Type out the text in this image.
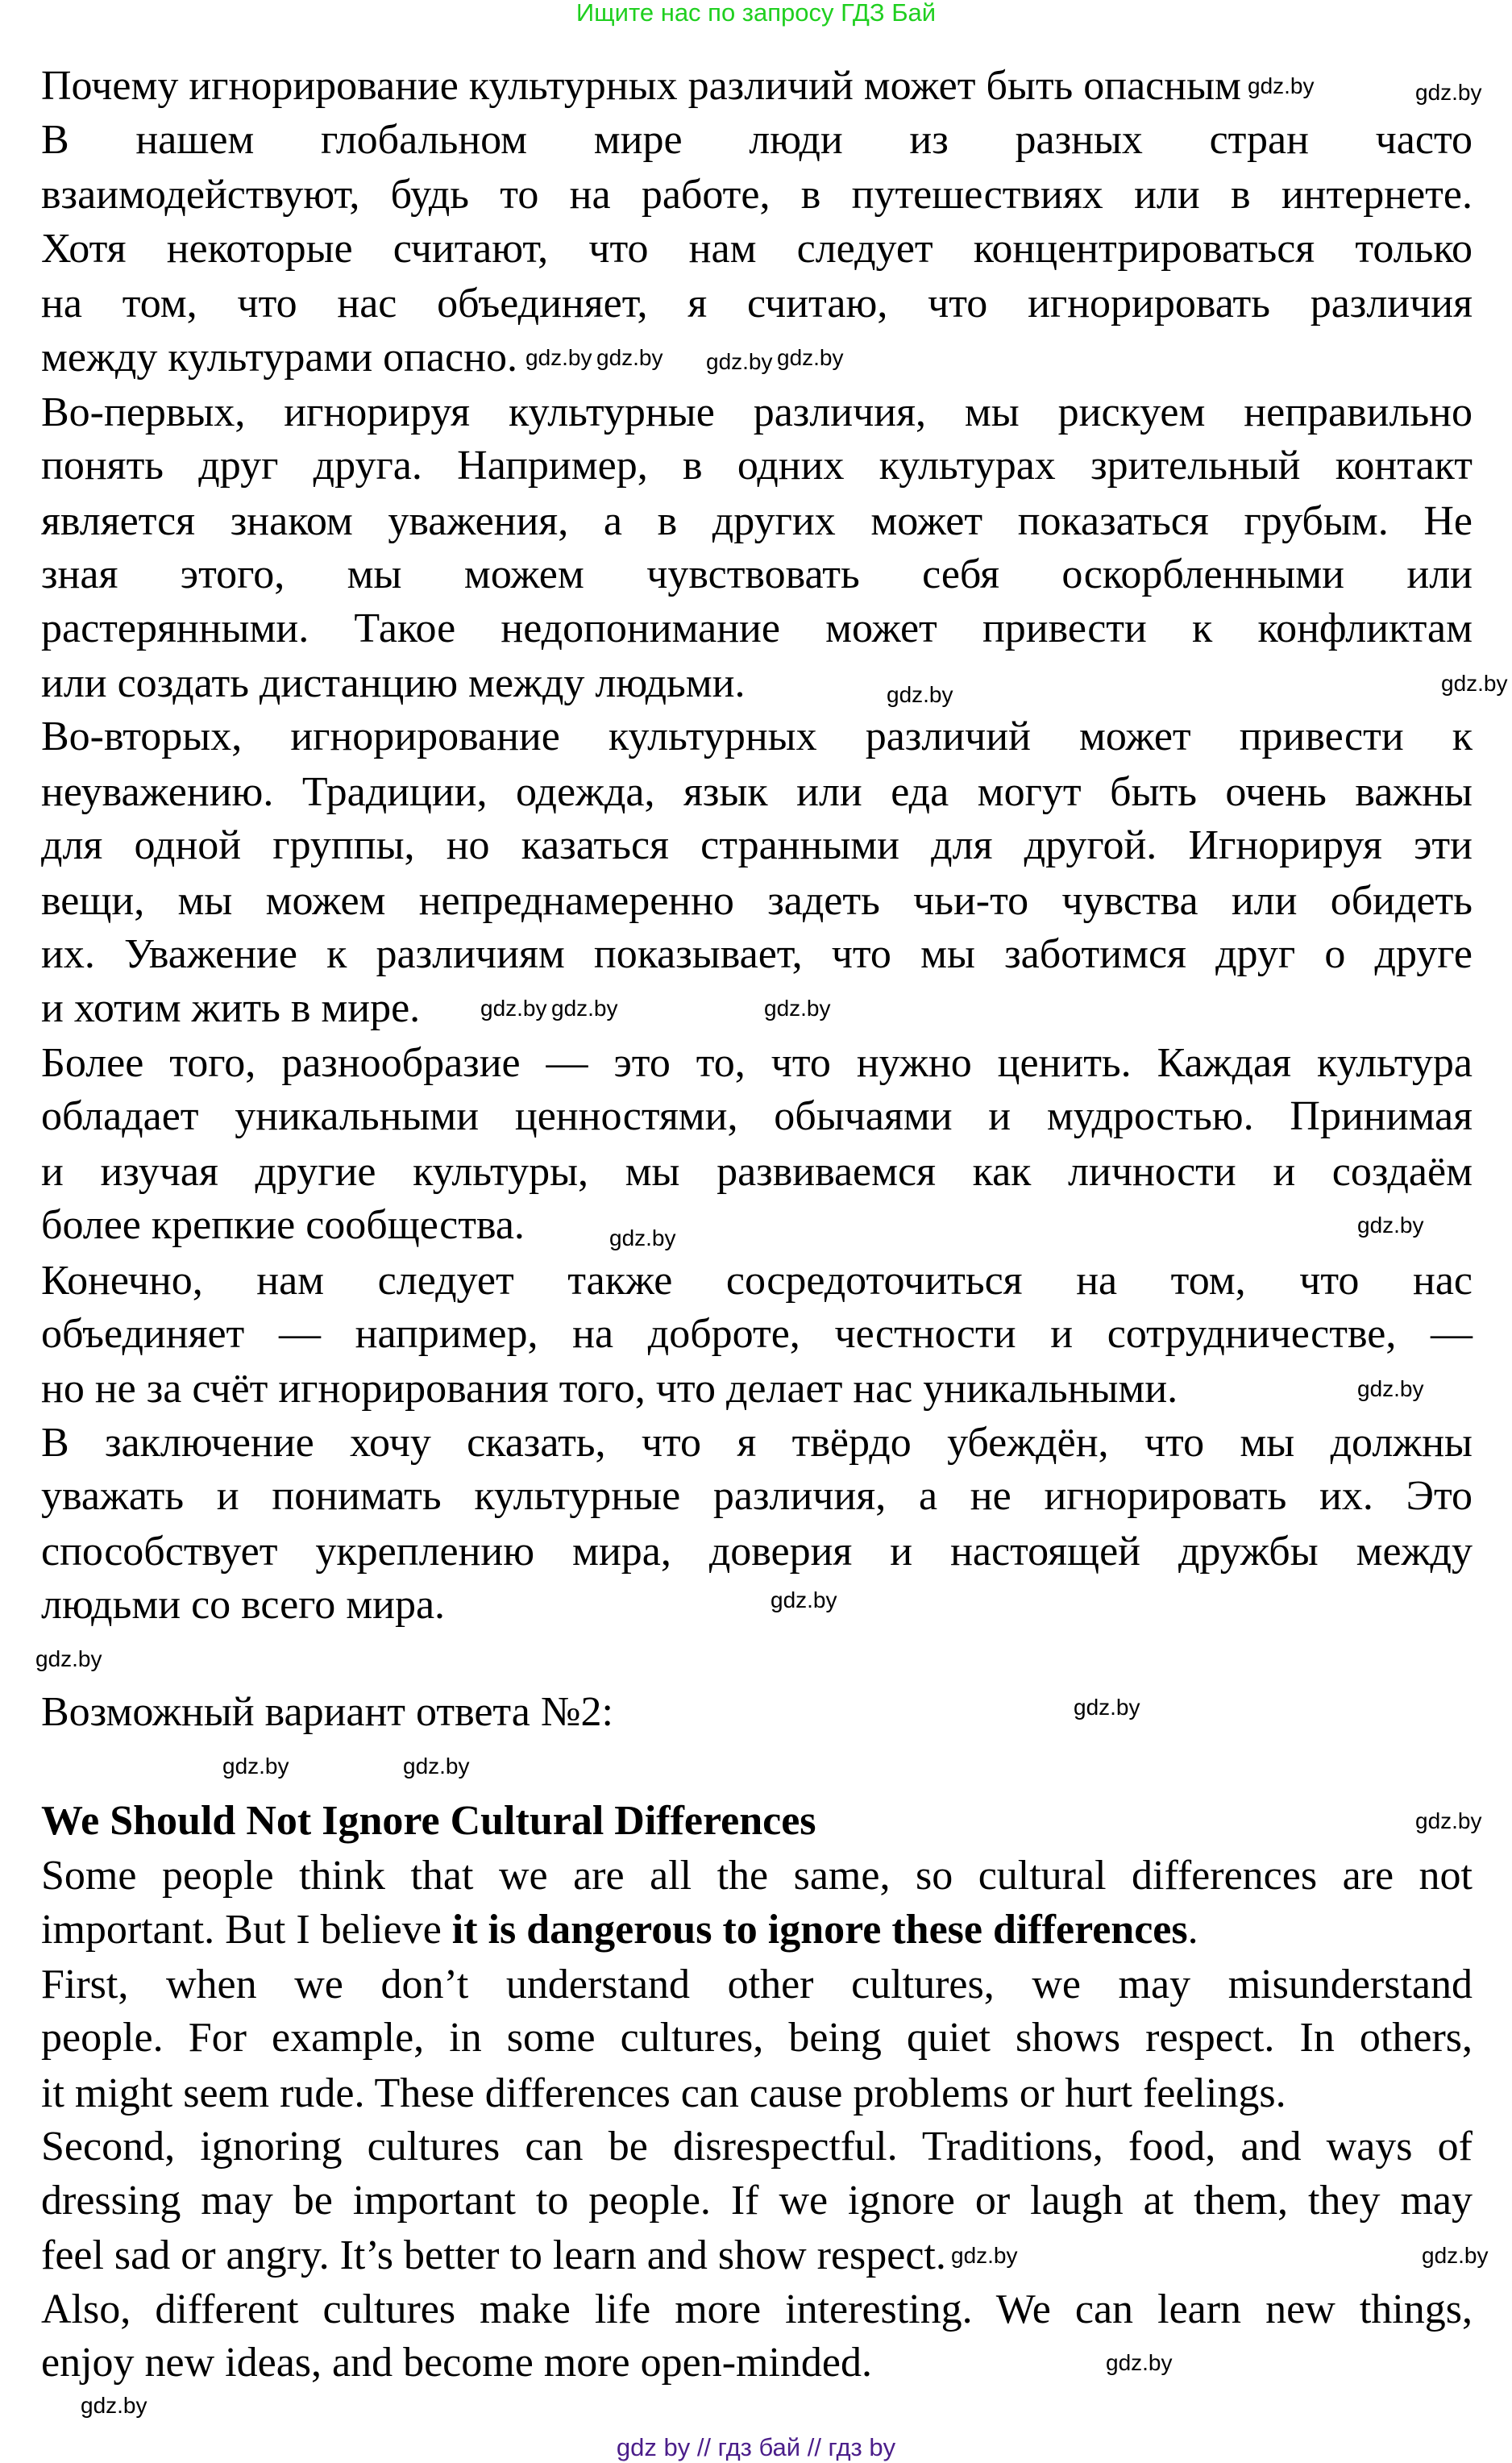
Ищите нас по запросу ГДЗ Бай
Почему игнорирование культурных различий может быть опасным
В нашем глобальном мире люди из разных стран часто
взаимодействуют, будь то на работе, в путешествиях или в интернете.
Хотя некоторые считают, что нам следует концентрироваться только
на том, что нас объединяет, я считаю, что игнорировать различия
между культурами опасно.
Во-первых, игнорируя культурные различия, мы рискуем неправильно
понять друг друга. Например, в одних культурах зрительный контакт
является знаком уважения, а в других может показаться грубым. Не
зная этого, мы можем чувствовать себя оскорбленными или
растерянными. Такое недопонимание может привести к конфликтам
или создать дистанцию между людьми.
Во-вторых, игнорирование культурных различий может привести к
неуважению. Традиции, одежда, язык или еда могут быть очень важны
для одной группы, но казаться странными для другой. Игнорируя эти
вещи, мы можем непреднамеренно задеть чьи-то чувства или обидеть
их. Уважение к различиям показывает, что мы заботимся друг о друге
и хотим жить в мире.
Более того, разнообразие — это то, что нужно ценить. Каждая культура
обладает уникальными ценностями, обычаями и мудростью. Принимая
и изучая другие культуры, мы развиваемся как личности и создаём
более крепкие сообщества.
Конечно, нам следует также сосредоточиться на том, что нас
объединяет — например, на доброте, честности и сотрудничестве, —
но не за счёт игнорирования того, что делает нас уникальными.
В заключение хочу сказать, что я твёрдо убеждён, что мы должны
уважать и понимать культурные различия, а не игнорировать их. Это
способствует укреплению мира, доверия и настоящей дружбы между
людьми со всего мира.
Возможный вариант ответа №2:
We Should Not Ignore Cultural Differences
Some people think that we are all the same, so cultural differences are not
important. But I believe it is dangerous to ignore these differences.
First, when we don’t understand other cultures, we may misunderstand
people. For example, in some cultures, being quiet shows respect. In others,
it might seem rude. These differences can cause problems or hurt feelings.
Second, ignoring cultures can be disrespectful. Traditions, food, and ways of
dressing may be important to people. If we ignore or laugh at them, they may
feel sad or angry. It’s better to learn and show respect.
Also, different cultures make life more interesting. We can learn new things,
enjoy new ideas, and become more open-minded.
gdz.by
gdz.by
gdz.by
gdz.by
gdz.by	gdz.by
gdz.by
gdz.by
gdz.by
gdz.by gdz.by
gdz.by
gdz.by
gdz.by
gdz.by
gdz.by
gdz.by
gdz.by	gdz.by
gdz.by
gdz.by	gdz.by
gdz.by
gdz.by
gdz by // гдз бай // гдз by
